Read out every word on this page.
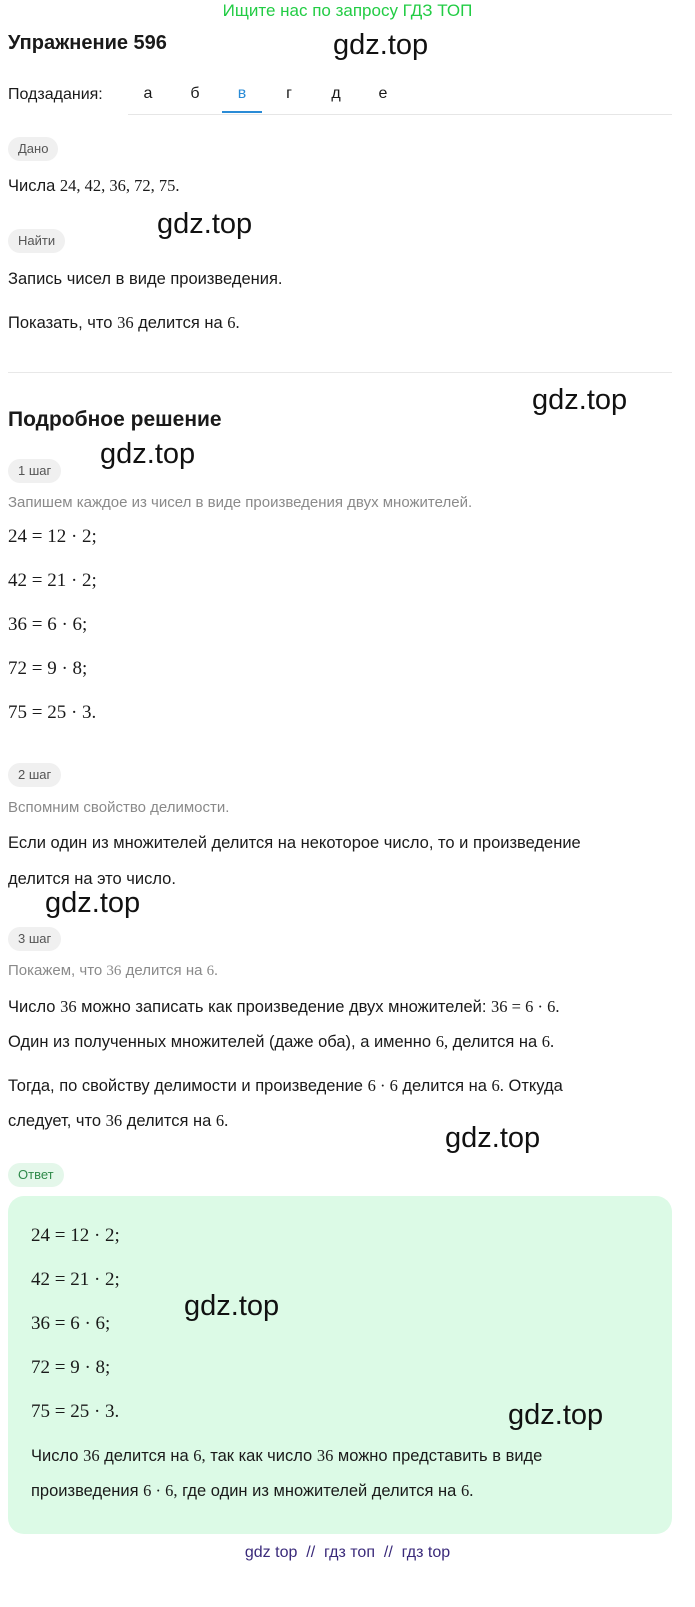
Ищите нас по запросу ГДЗ ТОП
Упражнение 596	gdz.top
gdz.top
gdz.top
gdz.top
gdz.top
gdz.top
gdz.top
gdz.top
Подзадания:	а	б	в	г	д	е
Дано
Числа 24, 42, 36, 72, 75.
Найти
Запись чисел в виде произведения.
Показать, что 36 делится на 6.
Подробное решение
1 шаг
Запишем каждое из чисел в виде произведения двух множителей.
24 = 12 · 2;
42 = 21 · 2;
36 = 6 · 6;
72 = 9 · 8;
75 = 25 · 3.
2 шаг
Вспомним свойство делимости.
Если один из множителей делится на некоторое число, то и произведение
делится на это число.
3 шаг
Покажем, что 36 делится на 6.
Число 36 можно записать как произведение двух множителей: 36 = 6 · 6.
Один из полученных множителей (даже оба), а именно 6, делится на 6.
Тогда, по свойству делимости и произведение 6 · 6 делится на 6. Откуда
следует, что 36 делится на 6.
Ответ
24 = 12 · 2;
42 = 21 · 2;
36 = 6 · 6;
72 = 9 · 8;
75 = 25 · 3.
Число 36 делится на 6, так как число 36 можно представить в виде
произведения 6 · 6, где один из множителей делится на 6.
gdz top  //  гдз топ  //  гдз top
